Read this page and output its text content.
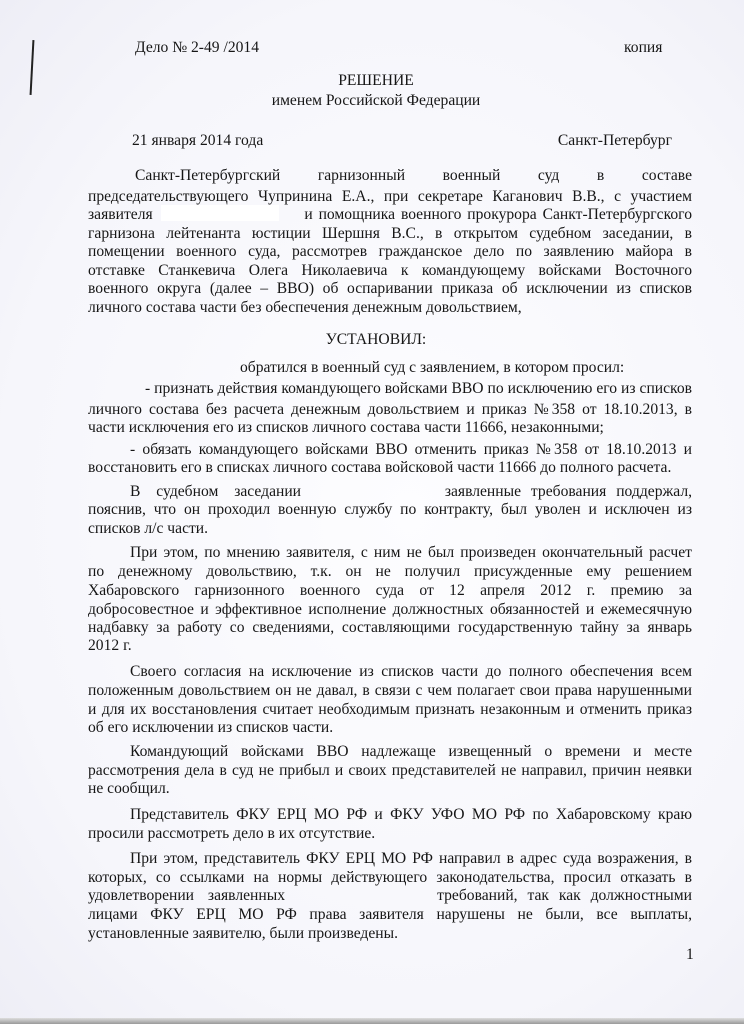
Дело № 2-49 /2014	копия
РЕШЕНИЕ
именем Российской Федерации
21 января 2014 года	Санкт-Петербург
Санкт-Петербургский гарнизонный военный суд в составе
председательствующего Чупринина Е.А., при секретаре Каганович В.В., с участием
заявителя	и помощника военного прокурора Санкт-Петербургского
гарнизона лейтенанта юстиции Шершня В.С., в открытом судебном заседании, в
помещении военного суда, рассмотрев гражданское дело по заявлению майора в
отставке Станкевича Олега Николаевича к командующему войсками Восточного
военного округа (далее – ВВО) об оспаривании приказа об исключении из списков
личного состава части без обеспечения денежным довольствием,
УСТАНОВИЛ:
обратился в военный суд с заявлением, в котором просил:
- признать действия командующего войсками ВВО по исключению его из списков
личного состава без расчета денежным довольствием и приказ №358 от 18.10.2013, в
части исключения его из списков личного состава части 11666, незаконными;
- обязать командующего войсками ВВО отменить приказ №358 от 18.10.2013 и
восстановить его в списках личного состава войсковой части 11666 до полного расчета.
В судебном заседании	заявленные требования поддержал,
пояснив, что он проходил военную службу по контракту, был уволен и исключен из
списков л/с части.
При этом, по мнению заявителя, с ним не был произведен окончательный расчет
по денежному довольствию, т.к. он не получил присужденные ему решением
Хабаровского гарнизонного военного суда от 12 апреля 2012 г. премию за
добросовестное и эффективное исполнение должностных обязанностей и ежемесячную
надбавку за работу со сведениями, составляющими государственную тайну за январь
2012 г.
Своего согласия на исключение из списков части до полного обеспечения всем
положенным довольствием он не давал, в связи с чем полагает свои права нарушенными
и для их восстановления считает необходимым признать незаконным и отменить приказ
об его исключении из списков части.
Командующий войсками ВВО надлежаще извещенный о времени и месте
рассмотрения дела в суд не прибыл и своих представителей не направил, причин неявки
не сообщил.
Представитель ФКУ ЕРЦ МО РФ и ФКУ УФО МО РФ по Хабаровскому краю
просили рассмотреть дело в их отсутствие.
При этом, представитель ФКУ ЕРЦ МО РФ направил в адрес суда возражения, в
которых, со ссылками на нормы действующего законодательства, просил отказать в
удовлетворении заявленных	требований, так как должностными
лицами ФКУ ЕРЦ МО РФ права заявителя нарушены не были, все выплаты,
установленные заявителю, были произведены.
1
